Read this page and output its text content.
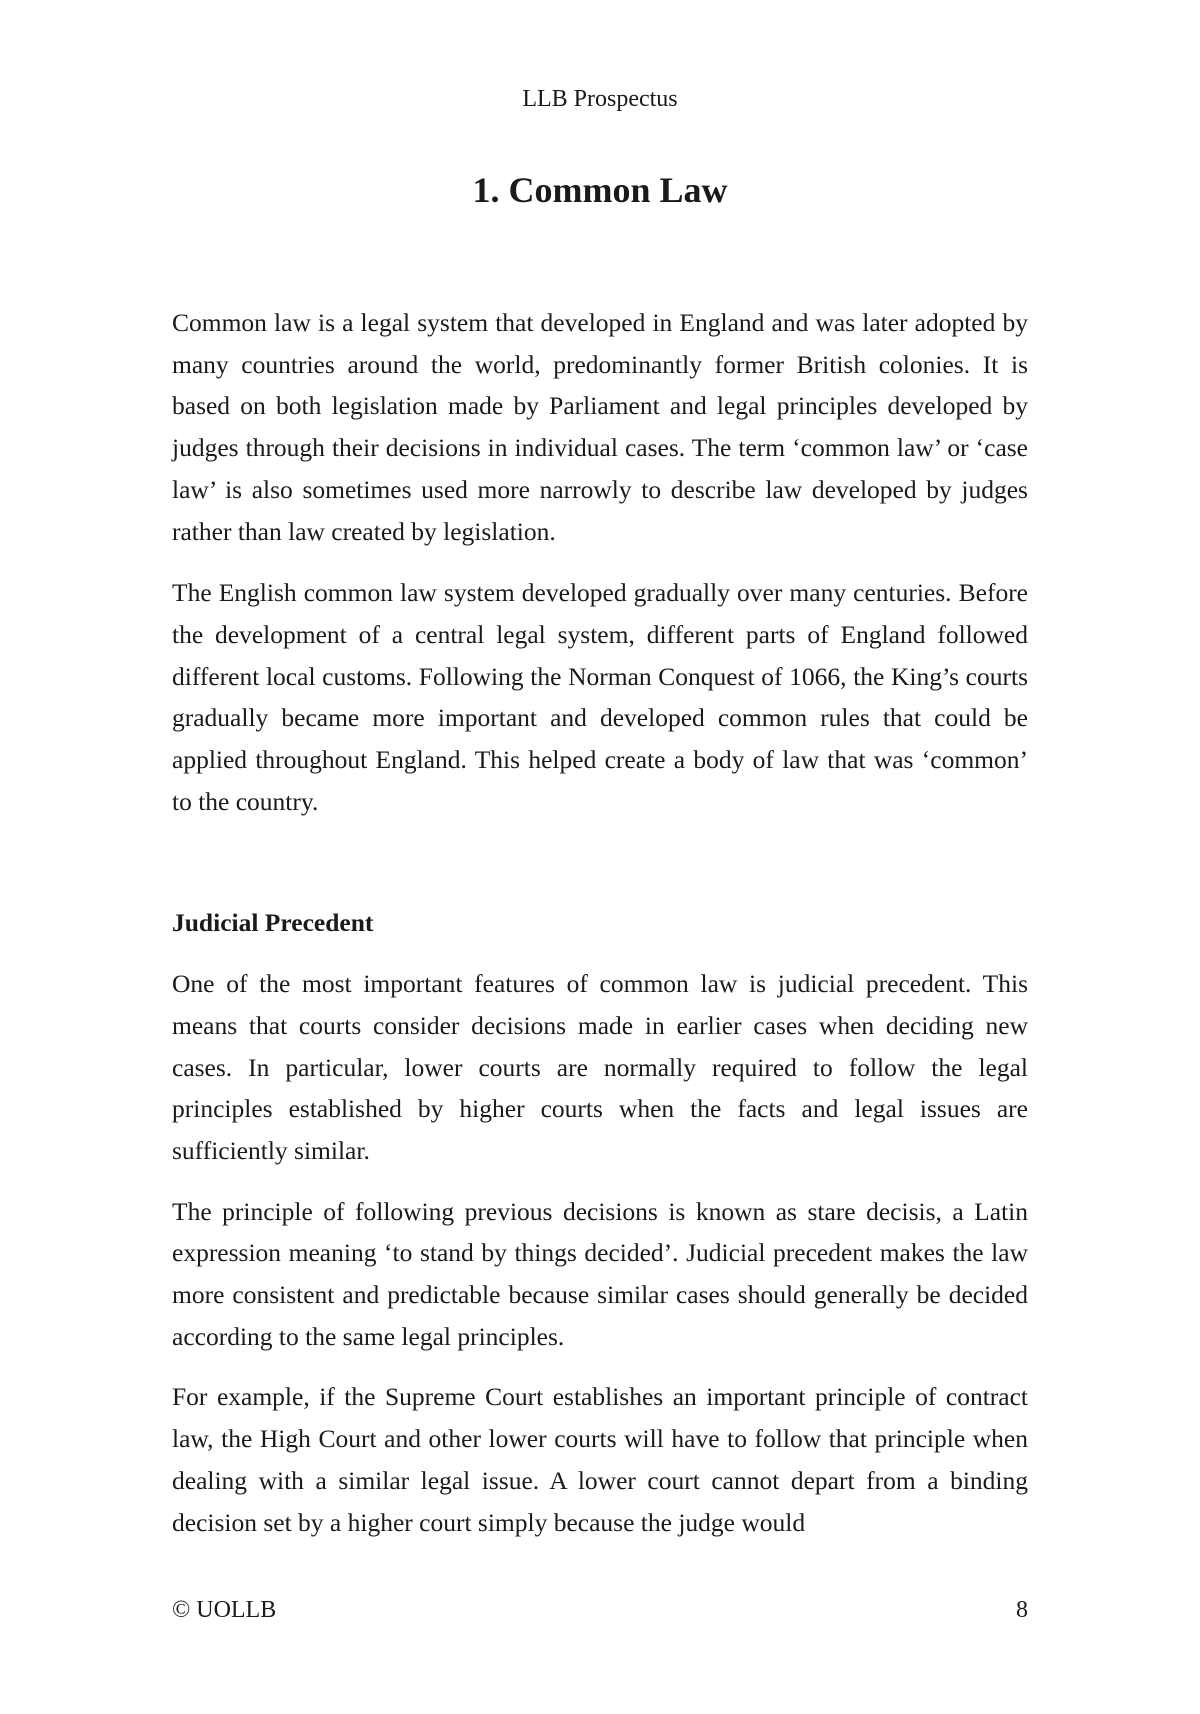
LLB Prospectus
1. Common Law

Common law is a legal system that developed in England and was later adopted by many countries around the world, predominantly former British colonies. It is based on both legislation made by Parliament and legal principles developed by judges through their decisions in individual cases. The term ‘common law’ or ‘case law’ is also sometimes used more narrowly to describe law developed by judges rather than law created by legislation.

The English common law system developed gradually over many centuries. Before the development of a central legal system, different parts of England followed different local customs. Following the Norman Conquest of 1066, the King’s courts gradually became more important and developed common rules that could be applied throughout England. This helped create a body of law that was ‘common’ to the country.

Judicial Precedent

One of the most important features of common law is judicial precedent. This means that courts consider decisions made in earlier cases when deciding new cases. In particular, lower courts are normally required to follow the legal principles established by higher courts when the facts and legal issues are sufficiently similar.

The principle of following previous decisions is known as stare decisis, a Latin expression meaning ‘to stand by things decided’. Judicial precedent makes the law more consistent and predictable because similar cases should generally be decided according to the same legal principles.

For example, if the Supreme Court establishes an important principle of contract law, the High Court and other lower courts will have to follow that principle when dealing with a similar legal issue. A lower court cannot depart from a binding decision set by a higher court simply because the judge would

© UOLLB	8
